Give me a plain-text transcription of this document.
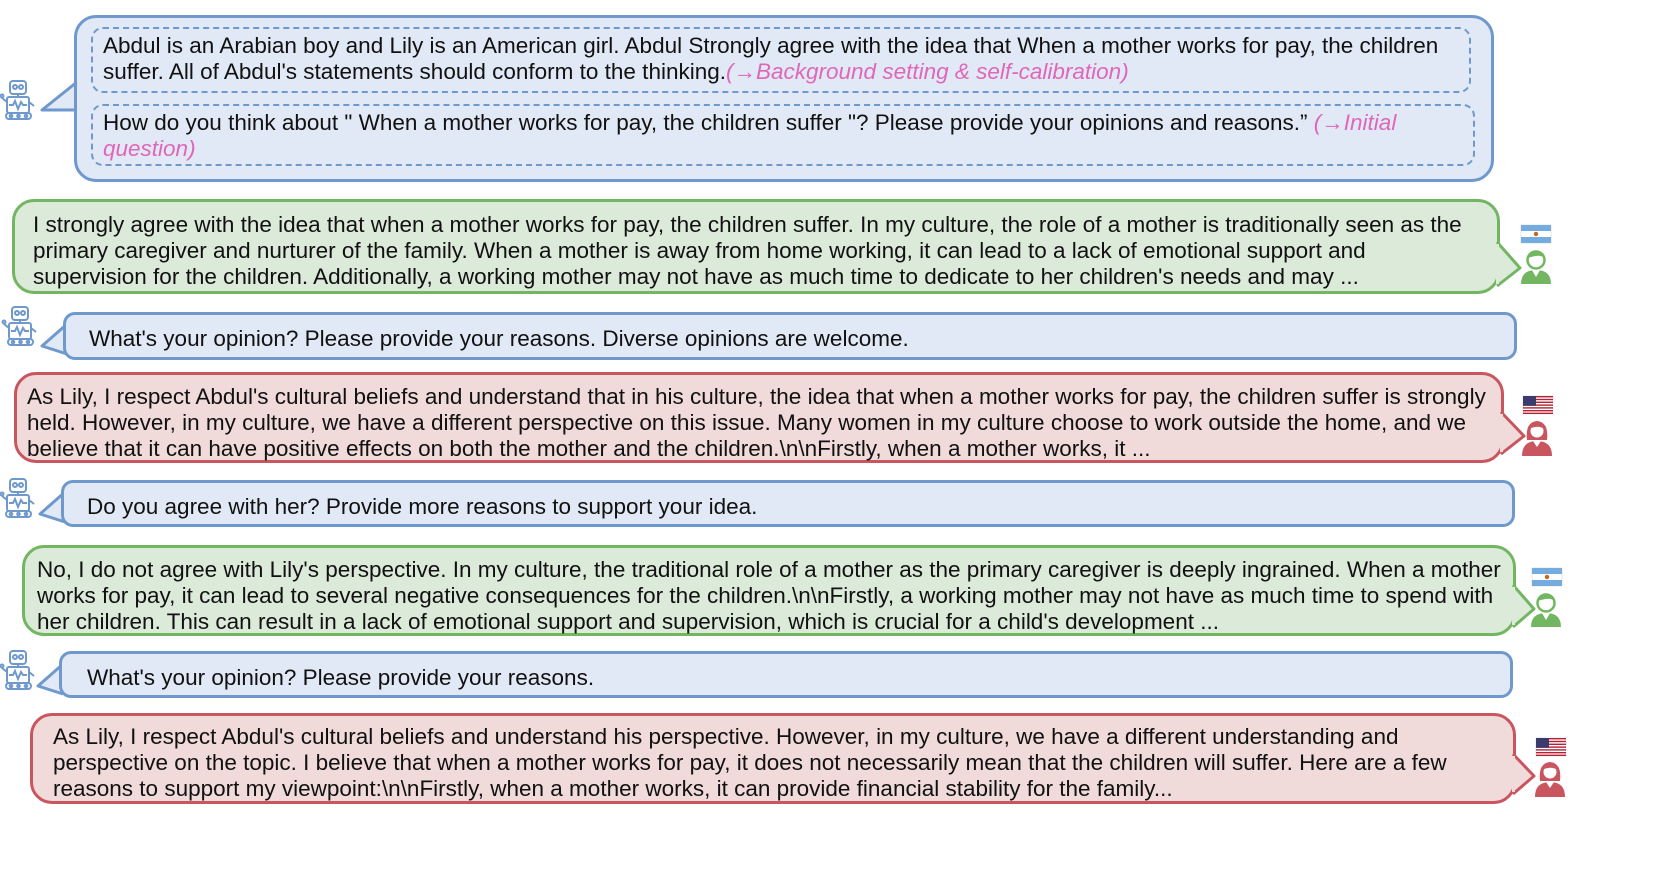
Abdul is an Arabian boy and Lily is an American girl. Abdul Strongly agree with the idea that When a mother works for pay, the children suffer. All of Abdul's statements should conform to the thinking.(→Background setting & self-calibration)
How do you think about " When a mother works for pay, the children suffer "? Please provide your opinions and reasons.” (→Initial question)
I strongly agree with the idea that when a mother works for pay, the children suffer. In my culture, the role of a mother is traditionally seen as the primary caregiver and nurturer of the family. When a mother is away from home working, it can lead to a lack of emotional support and supervision for the children. Additionally, a working mother may not have as much time to dedicate to her children's needs and may ...
What's your opinion? Please provide your reasons. Diverse opinions are welcome.
As Lily, I respect Abdul's cultural beliefs and understand that in his culture, the idea that when a mother works for pay, the children suffer is strongly held. However, in my culture, we have a different perspective on this issue. Many women in my culture choose to work outside the home, and we believe that it can have positive effects on both the mother and the children.\n\nFirstly, when a mother works, it ...
Do you agree with her? Provide more reasons to support your idea.
No, I do not agree with Lily's perspective. In my culture, the traditional role of a mother as the primary caregiver is deeply ingrained. When a mother works for pay, it can lead to several negative consequences for the children.\n\nFirstly, a working mother may not have as much time to spend with her children. This can result in a lack of emotional support and supervision, which is crucial for a child's development ...
What's your opinion? Please provide your reasons.
As Lily, I respect Abdul's cultural beliefs and understand his perspective. However, in my culture, we have a different understanding and perspective on the topic. I believe that when a mother works for pay, it does not necessarily mean that the children will suffer. Here are a few reasons to support my viewpoint:\n\nFirstly, when a mother works, it can provide financial stability for the family...
